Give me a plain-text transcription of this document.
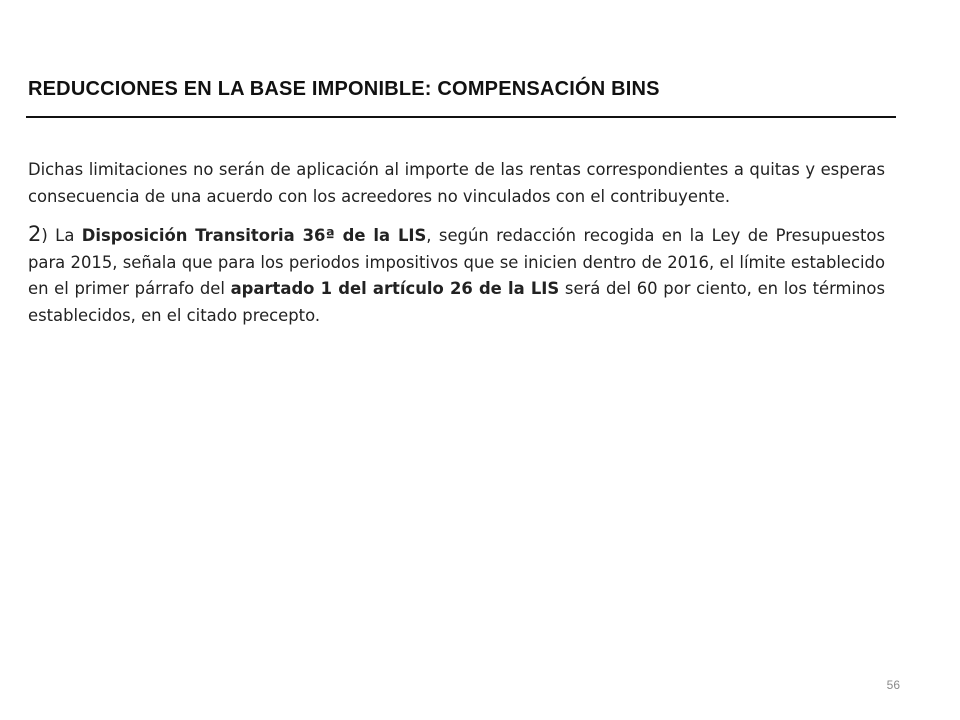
REDUCCIONES EN LA BASE IMPONIBLE: COMPENSACIÓN BINS

Dichas limitaciones no serán de aplicación al importe de las rentas correspondientes a quitas y esperas consecuencia de una acuerdo con los acreedores no vinculados con el contribuyente.

2) La Disposición Transitoria 36ª de la LIS, según redacción recogida en la Ley de Presupuestos para 2015, señala que para los periodos impositivos que se inicien dentro de 2016, el límite establecido en el primer párrafo del apartado 1 del artículo 26 de la LIS será del 60 por ciento, en los términos establecidos, en el citado precepto.

56
